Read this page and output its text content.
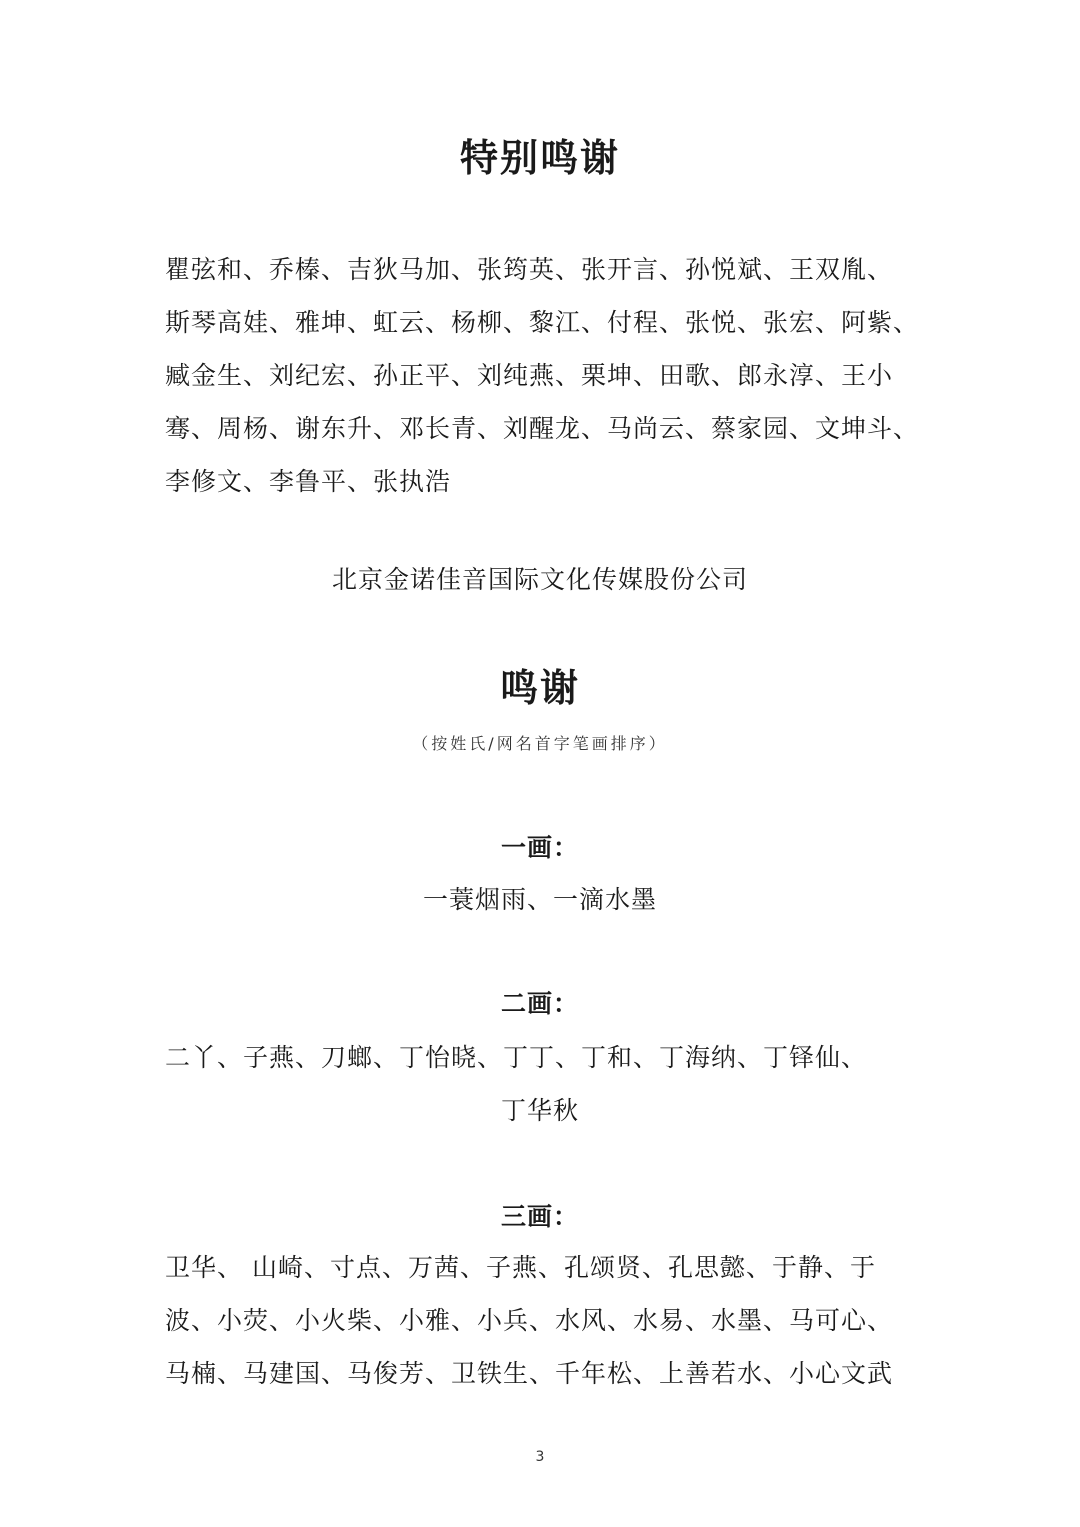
特别鸣谢
瞿弦和、乔榛、吉狄马加、张筠英、张开言、孙悦斌、王双胤、
斯琴高娃、雅坤、虹云、杨柳、黎江、付程、张悦、张宏、阿紫、
臧金生、刘纪宏、孙正平、刘纯燕、栗坤、田歌、郎永淳、王小
骞、周杨、谢东升、邓长青、刘醒龙、马尚云、蔡家园、文坤斗、
李修文、李鲁平、张执浩
北京金诺佳音国际文化传媒股份公司
鸣谢
（按姓氏/网名首字笔画排序）
一画：
一蓑烟雨、一滴水墨
二画：
二丫、子燕、刀螂、丁怡晓、丁丁、丁和、丁海纳、丁铎仙、
丁华秋
三画：
卫华、 山崎、寸点、万茜、子燕、孔颂贤、孔思懿、于静、于
波、小荧、小火柴、小雅、小兵、水风、水易、水墨、马可心、
马楠、马建国、马俊芳、卫铁生、千年松、上善若水、小心文武
3
